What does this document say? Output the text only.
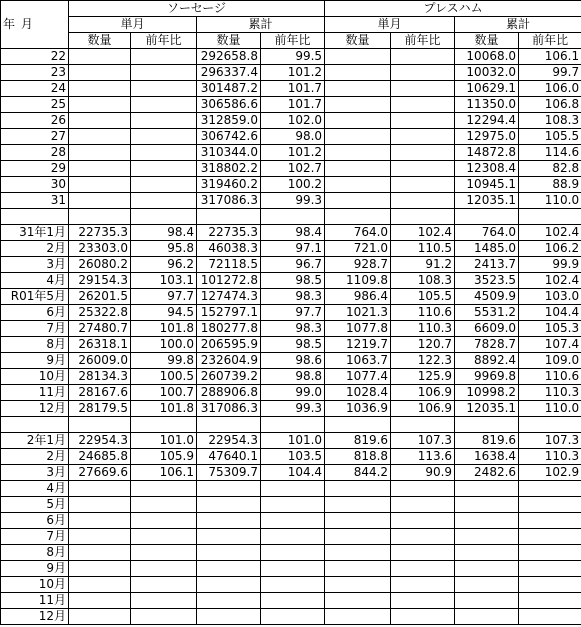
年 月	ソーセージ				プレスハム			
	単月		累計		単月		累計	
	数量	前年比	数量	前年比	数量	前年比	数量	前年比
22			292658.8	99.5			10068.0	106.1
23			296337.4	101.2			10032.0	99.7
24			301487.2	101.7			10629.1	106.0
25			306586.6	101.7			11350.0	106.8
26			312859.0	102.0			12294.4	108.3
27			306742.6	98.0			12975.0	105.5
28			310344.0	101.2			14872.8	114.6
29			318802.2	102.7			12308.4	82.8
30			319460.2	100.2			10945.1	88.9
31			317086.3	99.3			12035.1	110.0

31年1月	22735.3	98.4	22735.3	98.4	764.0	102.4	764.0	102.4
2月	23303.0	95.8	46038.3	97.1	721.0	110.5	1485.0	106.2
3月	26080.2	96.2	72118.5	96.7	928.7	91.2	2413.7	99.9
4月	29154.3	103.1	101272.8	98.5	1109.8	108.3	3523.5	102.4
R01年5月	26201.5	97.7	127474.3	98.3	986.4	105.5	4509.9	103.0
6月	25322.8	94.5	152797.1	97.7	1021.3	110.6	5531.2	104.4
7月	27480.7	101.8	180277.8	98.3	1077.8	110.3	6609.0	105.3
8月	26318.1	100.0	206595.9	98.5	1219.7	120.7	7828.7	107.4
9月	26009.0	99.8	232604.9	98.6	1063.7	122.3	8892.4	109.0
10月	28134.3	100.5	260739.2	98.8	1077.4	125.9	9969.8	110.6
11月	28167.6	100.7	288906.8	99.0	1028.4	106.9	10998.2	110.3
12月	28179.5	101.8	317086.3	99.3	1036.9	106.9	12035.1	110.0

2年1月	22954.3	101.0	22954.3	101.0	819.6	107.3	819.6	107.3
2月	24685.8	105.9	47640.1	103.5	818.8	113.6	1638.4	110.3
3月	27669.6	106.1	75309.7	104.4	844.2	90.9	2482.6	102.9
4月								
5月								
6月								
7月								
8月								
9月								
10月								
11月								
12月								
